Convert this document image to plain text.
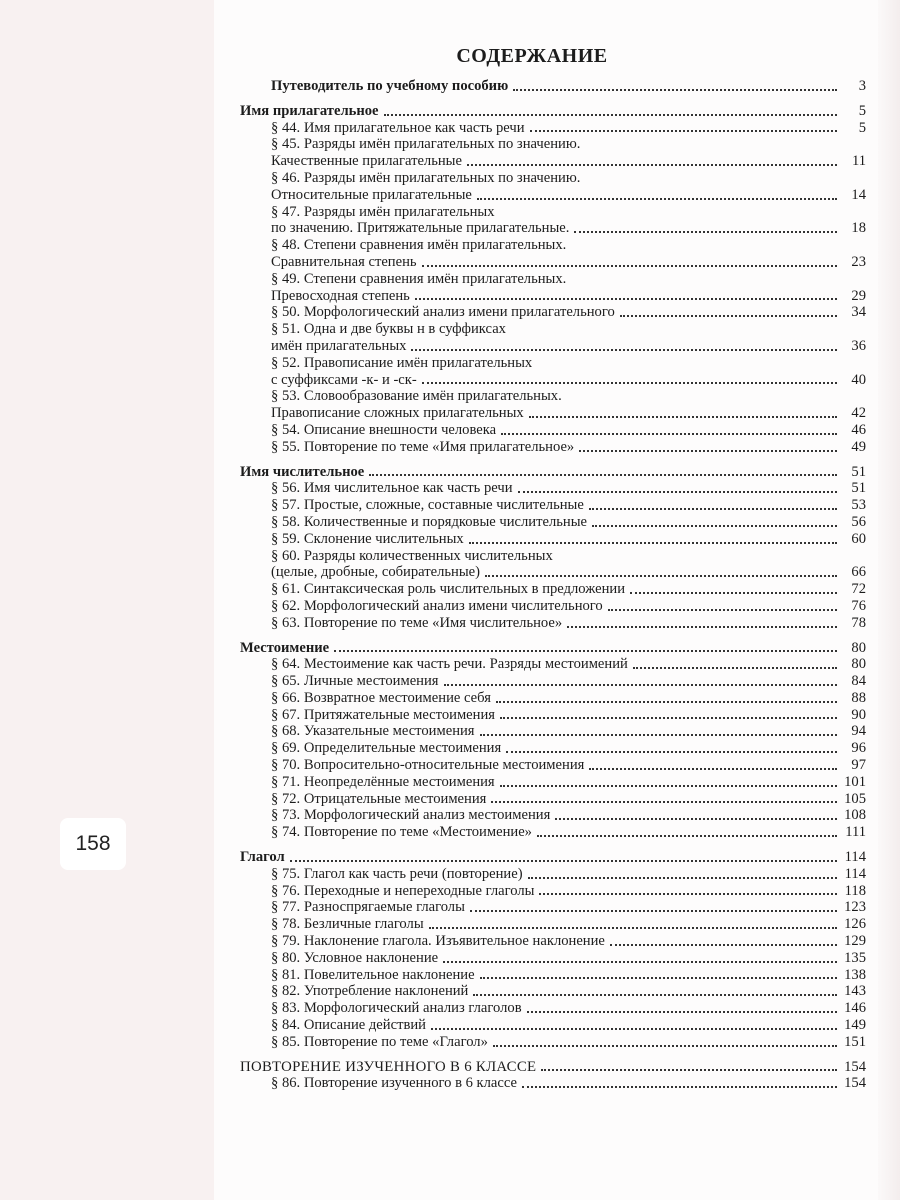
158
СОДЕРЖАНИЕ
Путеводитель по учебному пособию	3
Имя прилагательное	5
§ 44. Имя прилагательное как часть речи	5
§ 45. Разряды имён прилагательных по значению.
Качественные прилагательные	11
§ 46. Разряды имён прилагательных по значению.
Относительные прилагательные	14
§ 47. Разряды имён прилагательных
по значению. Притяжательные прилагательные.	18
§ 48. Степени сравнения имён прилагательных.
Сравнительная степень	23
§ 49. Степени сравнения имён прилагательных.
Превосходная степень	29
§ 50. Морфологический анализ имени прилагательного	34
§ 51. Одна и две буквы н в суффиксах
имён прилагательных	36
§ 52. Правописание имён прилагательных
с суффиксами -к- и -ск-	40
§ 53. Словообразование имён прилагательных.
Правописание сложных прилагательных	42
§ 54. Описание внешности человека	46
§ 55. Повторение по теме «Имя прилагательное»	49
Имя числительное	51
§ 56. Имя числительное как часть речи	51
§ 57. Простые, сложные, составные числительные	53
§ 58. Количественные и порядковые числительные	56
§ 59. Склонение числительных	60
§ 60. Разряды количественных числительных
(целые, дробные, собирательные)	66
§ 61. Синтаксическая роль числительных в предложении	72
§ 62. Морфологический анализ имени числительного	76
§ 63. Повторение по теме «Имя числительное»	78
Местоимение	80
§ 64. Местоимение как часть речи. Разряды местоимений	80
§ 65. Личные местоимения	84
§ 66. Возвратное местоимение себя	88
§ 67. Притяжательные местоимения	90
§ 68. Указательные местоимения	94
§ 69. Определительные местоимения	96
§ 70. Вопросительно-относительные местоимения	97
§ 71. Неопределённые местоимения	101
§ 72. Отрицательные местоимения	105
§ 73. Морфологический анализ местоимения	108
§ 74. Повторение по теме «Местоимение»	111
Глагол	114
§ 75. Глагол как часть речи (повторение)	114
§ 76. Переходные и непереходные глаголы	118
§ 77. Разноспрягаемые глаголы	123
§ 78. Безличные глаголы	126
§ 79. Наклонение глагола. Изъявительное наклонение	129
§ 80. Условное наклонение	135
§ 81. Повелительное наклонение	138
§ 82. Употребление наклонений	143
§ 83. Морфологический анализ глаголов	146
§ 84. Описание действий	149
§ 85. Повторение по теме «Глагол»	151
ПОВТОРЕНИЕ ИЗУЧЕННОГО В 6 КЛАССЕ	154
§ 86. Повторение изученного в 6 классе	154
